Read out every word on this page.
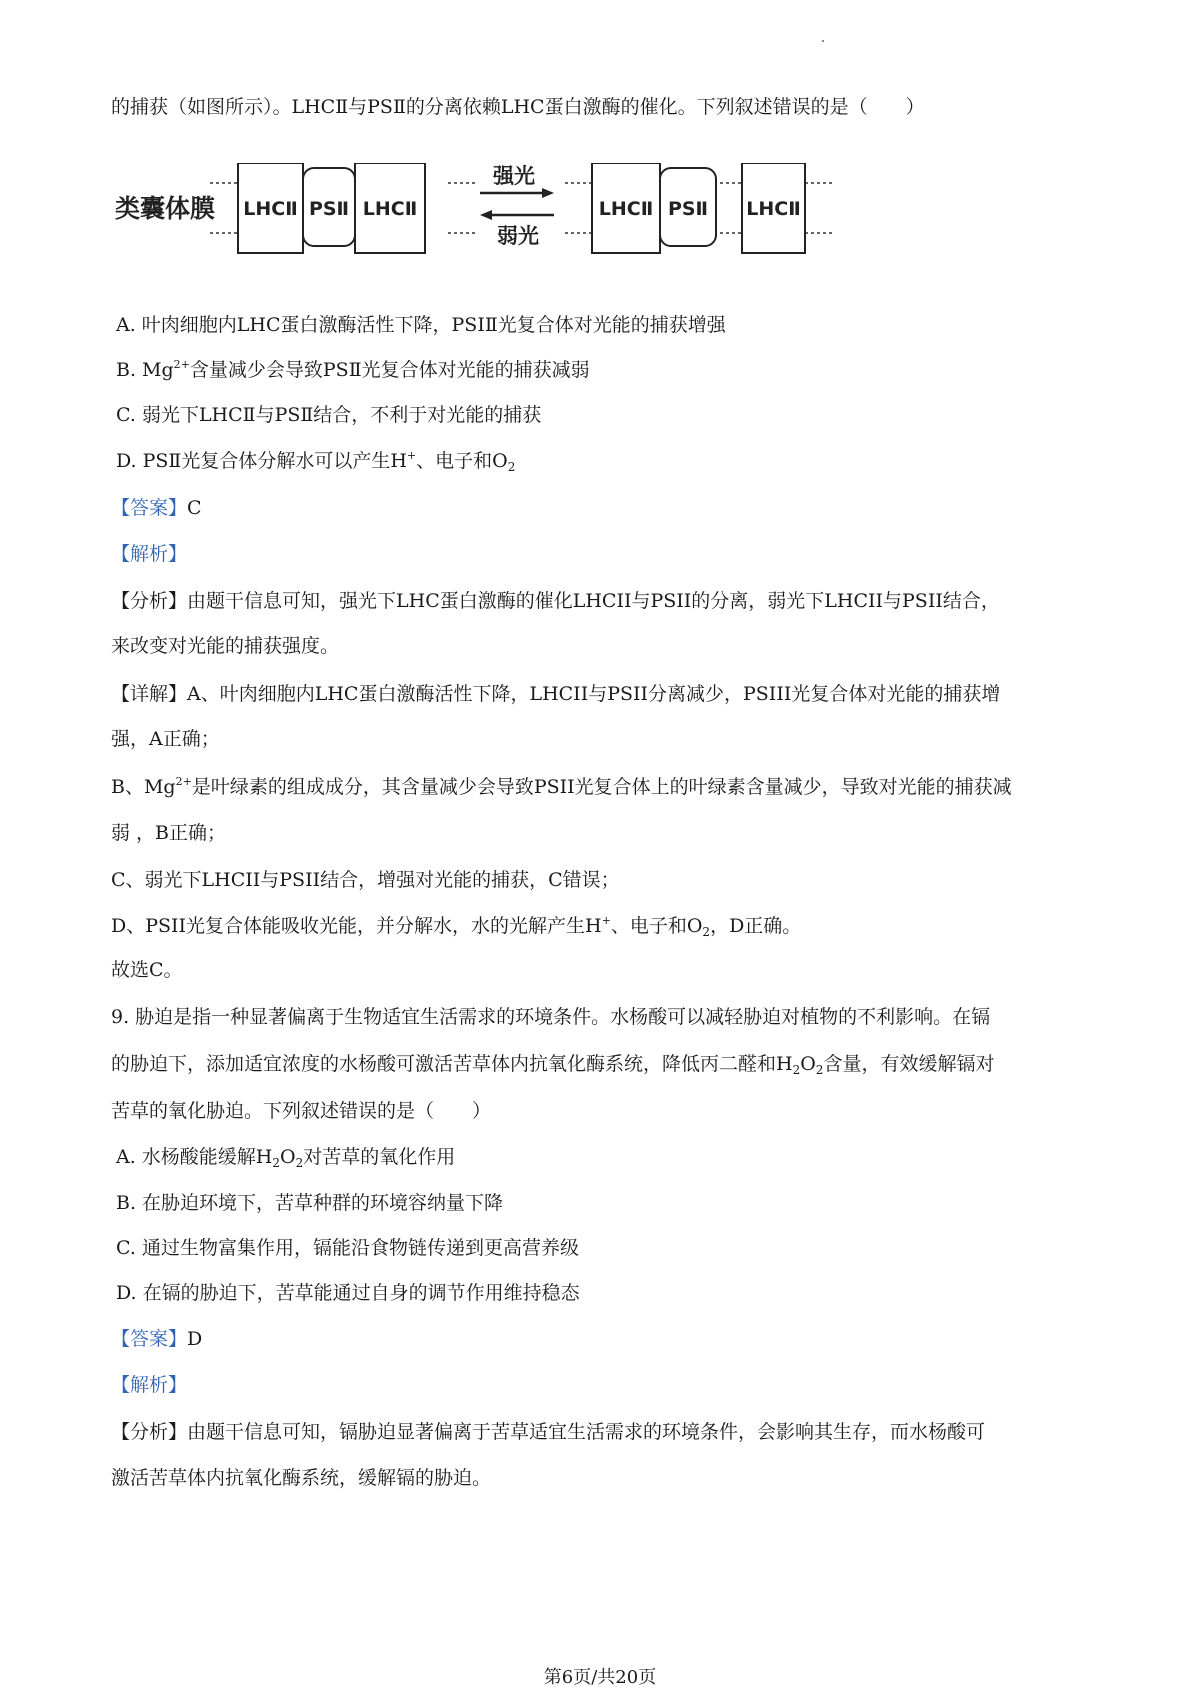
的捕获（如图所示）。LHCⅡ与PSⅡ的分离依赖LHC蛋白激酶的催化。下列叙述错误的是（　　）
类囊体膜 LHCⅡ PSⅡ LHCⅡ
强光
弱光
LHCⅡ PSⅡ LHCⅡ
A. 叶肉细胞内LHC蛋白激酶活性下降，PSⅠⅡ光复合体对光能的捕获增强
B. $Mg^{2+}$含量减少会导致PSⅡ光复合体对光能的捕获减弱
C. 弱光下LHCⅡ与PSⅡ结合，不利于对光能的捕获
D. PSⅡ光复合体分解水可以产生H+、电子和$O_2$
【答案】C
【解析】
【分析】由题干信息可知，强光下LHC蛋白激酶的催化LHCII与PSII的分离，弱光下LHCII与PSII结合，
来改变对光能的捕获强度。
【详解】A、叶肉细胞内LHC蛋白激酶活性下降，LHCII与PSII分离减少，PSIII光复合体对光能的捕获增
强，A正确；
B、$Mg^{2+}$是叶绿素的组成成分，其含量减少会导致PSII光复合体上的叶绿素含量减少，导致对光能的捕获减
弱 ，B正确；
C、弱光下LHCII与PSII结合，增强对光能的捕获，C错误；
D、PSII光复合体能吸收光能，并分解水，水的光解产生H+、电子和$O_2$，D正确。
故选C。
9. 胁迫是指一种显著偏离于生物适宜生活需求的环境条件。水杨酸可以减轻胁迫对植物的不利影响。在镉
的胁迫下，添加适宜浓度的水杨酸可激活苦草体内抗氧化酶系统，降低丙二醛和$H_2O_2$含量，有效缓解镉对
苦草的氧化胁迫。下列叙述错误的是（　　）
A. 水杨酸能缓解$H_2O_2$对苦草的氧化作用
B. 在胁迫环境下，苦草种群的环境容纳量下降
C. 通过生物富集作用，镉能沿食物链传递到更高营养级
D. 在镉的胁迫下，苦草能通过自身的调节作用维持稳态
【答案】D
【解析】
【分析】由题干信息可知，镉胁迫显著偏离于苦草适宜生活需求的环境条件，会影响其生存，而水杨酸可
激活苦草体内抗氧化酶系统，缓解镉的胁迫。
第6页/共20页
